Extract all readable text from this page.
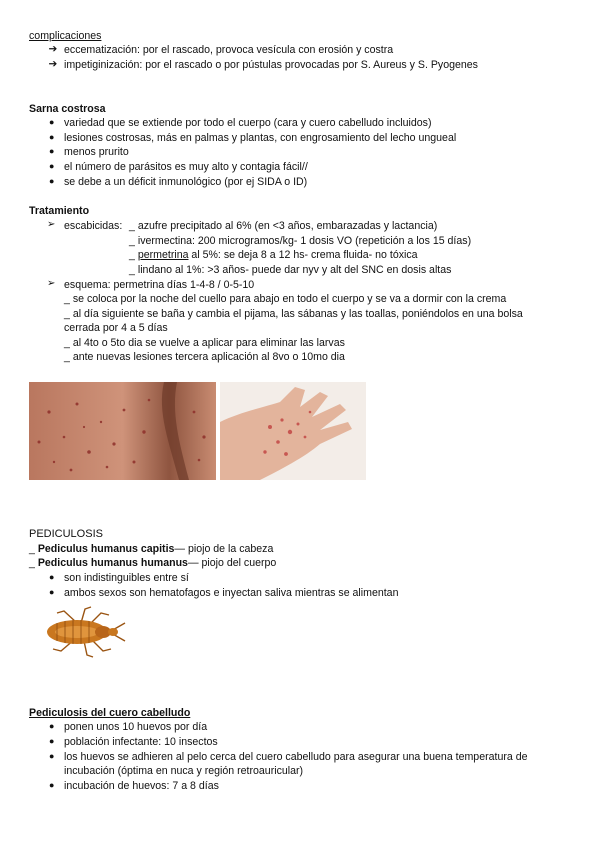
complicaciones
➔ eccematización: por el rascado, provoca vesícula con erosión y costra
➔ impetiginización: por el rascado o por pústulas provocadas por S. Aureus y S. Pyogenes
Sarna costrosa
● variedad que se extiende por todo el cuerpo (cara y cuero cabelludo incluidos)
● lesiones costrosas, más en palmas y plantas, con engrosamiento del lecho ungueal
● menos prurito
● el número de parásitos es muy alto y contagia fácil//
● se debe a un déficit inmunológico (por ej SIDA o ID)
Tratamiento
➢ escabicidas: _ azufre precipitado al 6% (en <3 años, embarazadas y lactancia)
_ ivermectina: 200 microgramos/kg- 1 dosis VO (repetición a los 15 días)
_ permetrina al 5%: se deja 8 a 12 hs- crema fluida- no tóxica
_ lindano al 1%: >3 años- puede dar nyv y alt del SNC en dosis altas
➢ esquema: permetrina días 1-4-8 / 0-5-10
_ se coloca por la noche del cuello para abajo en todo el cuerpo y se va a dormir con la crema
_ al día siguiente se baña y cambia el pijama, las sábanas y las toallas, poniéndolos en una bolsa
cerrada por 4 a 5 días
_ al 4to o 5to dia se vuelve a aplicar para eliminar las larvas
_ ante nuevas lesiones tercera aplicación al 8vo o 10mo dia
PEDICULOSIS
_ Pediculus humanus capitis— piojo de la cabeza
_ Pediculus humanus humanus— piojo del cuerpo
● son indistinguibles entre sí
● ambos sexos son hematofagos e inyectan saliva mientras se alimentan
Pediculosis del cuero cabelludo
● ponen unos 10 huevos por día
● población infectante: 10 insectos
● los huevos se adhieren al pelo cerca del cuero cabelludo para asegurar una buena temperatura de
incubación (óptima en nuca y región retroauricular)
● incubación de huevos: 7 a 8 días
